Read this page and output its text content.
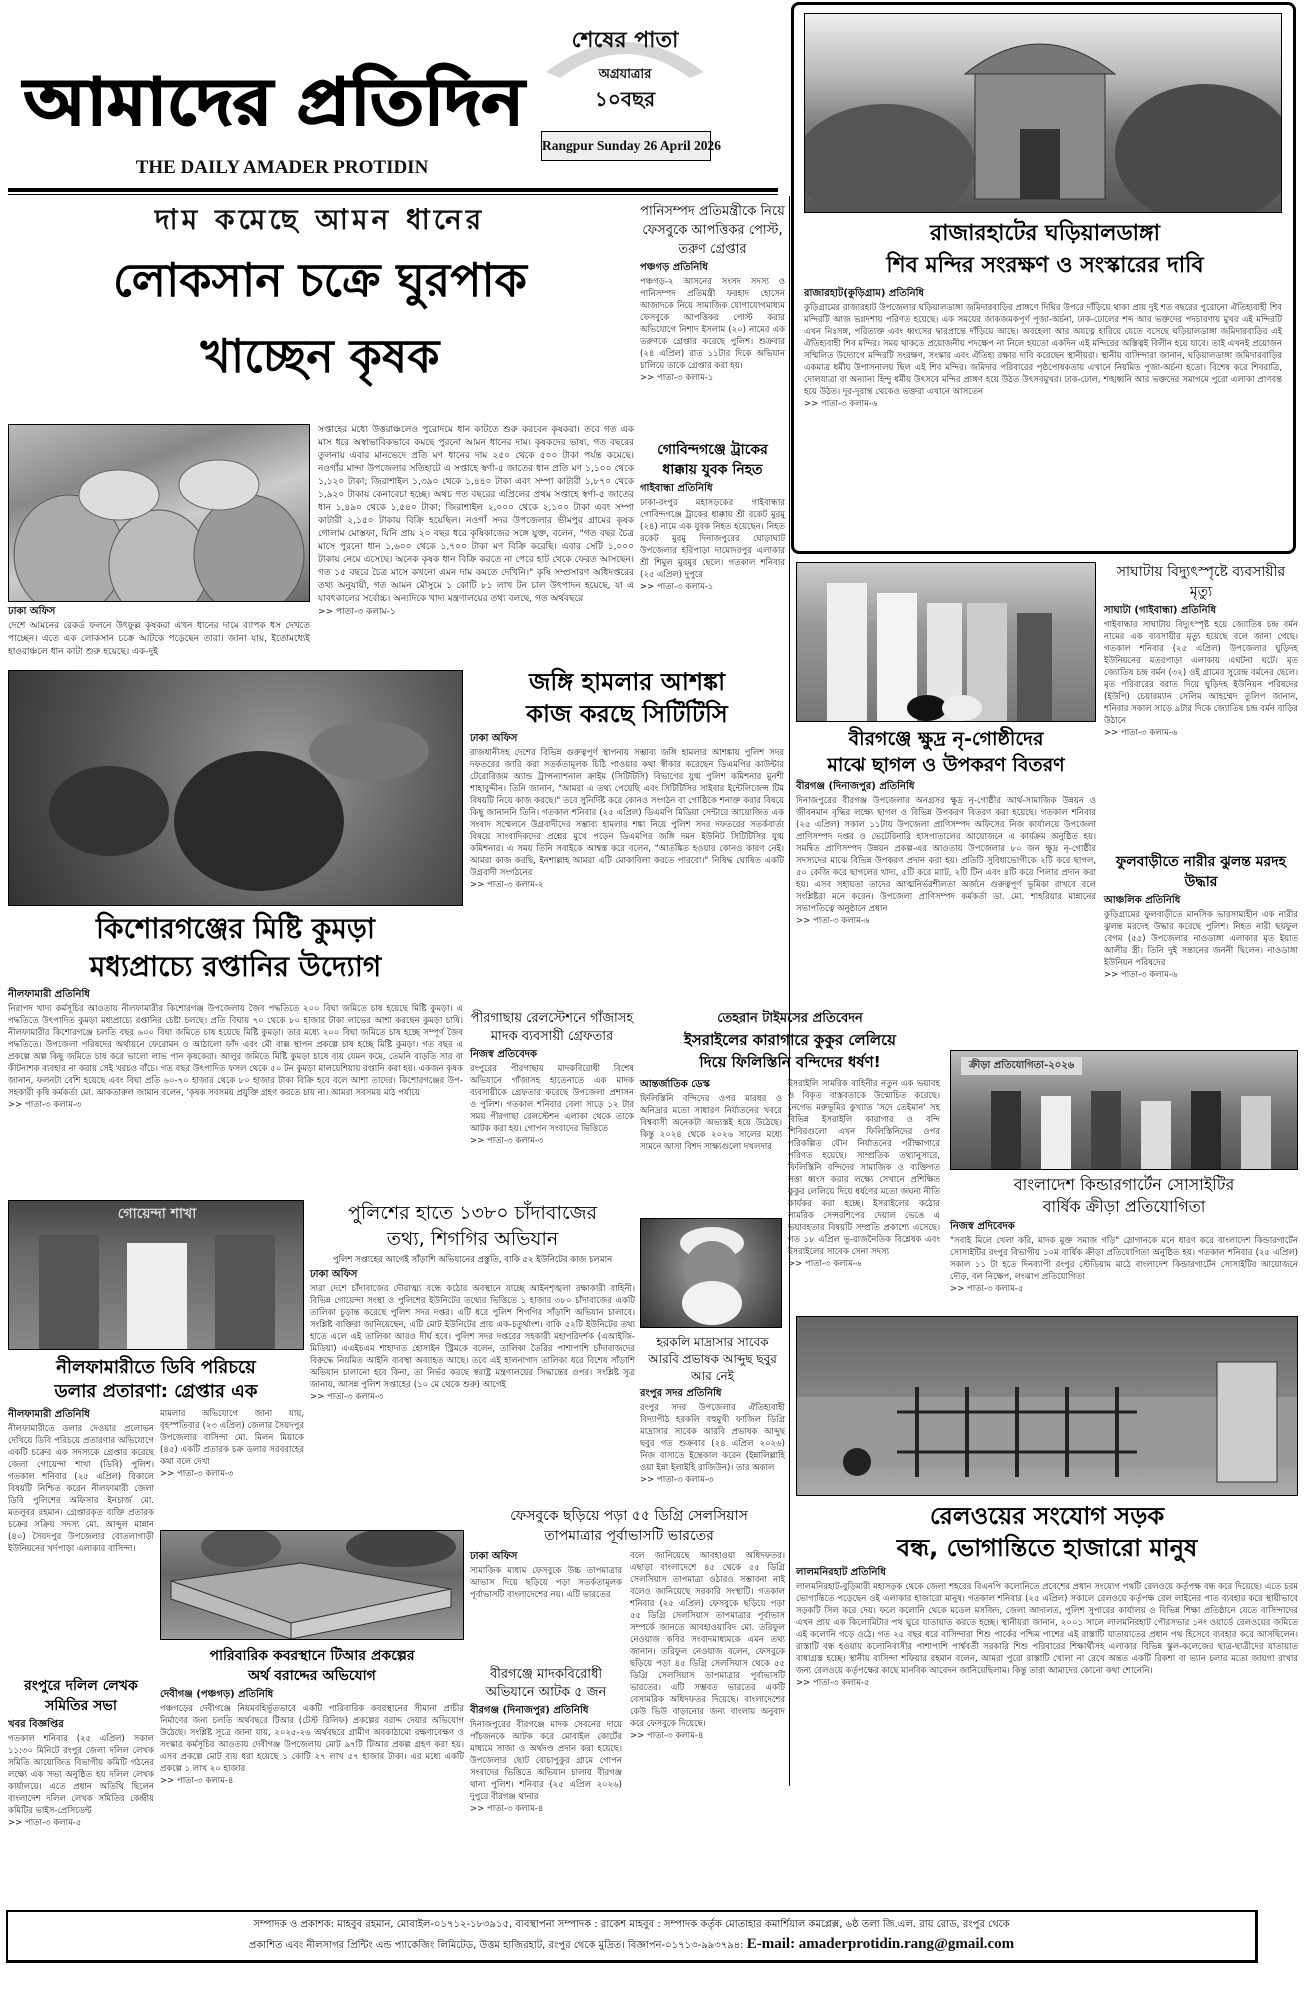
আমাদের প্রতিদিন
THE DAILY AMADER PROTIDIN
শেষের পাতা
অগ্রযাত্রার
১০বছর
Rangpur Sunday 26 April 2026
দাম কমেছে আমন ধানের
লোকসান চক্রে ঘুরপাক
খাচ্ছেন কৃষক
ঢাকা অফিস
দেশে আমনের রেকর্ড ফলনে উৎফুল্ল কৃষকরা এখন ধানের দামে ব্যাপক ধস দেখতে পাচ্ছেন। এতে এক লোকসান চক্রে আটকে পড়েছেন তারা। জানা যায়, ইতোমধ্যেই হাওরাঞ্চলে ধান কাটা শুরু হয়েছে। এক-দুই
সপ্তাহের মধ্যে উত্তরাঞ্চলেও পুরোদমে ধান কাটতে শুরু করবেন কৃষকরা। তবে গত এক মাস ধরে অস্বাভাবিকভাবে কমছে পুরনো আমন ধানের দাম। কৃষকদের ভাষ্য, গত বছরের তুলনায় এবার মানভেদে প্রতি মণ ধানের দাম ২৫০ থেকে ৫০০ টাকা পর্যন্ত কমেছে। নওগাঁর মান্দা উপজেলার সতিহাটে এ সপ্তাহে স্বর্ণা-৫ জাতের ধান প্রতি মণ ১,১০০ থেকে ১,১২০ টাকা; জিরাশাইল ১,৩৯০ থেকে ১,৪৪০ টাকা এবং সম্পা কাটারী ১,৮৭০ থেকে ১,৯২০ টাকায় কেনাবেচা হচ্ছে। অথচ গত বছরের এপ্রিলের প্রথম সপ্তাহে স্বর্ণা-৫ জাতের ধান ১,৪৯০ থেকে ১,৫৪০ টাকা; জিরাশাইল ২,০০০ থেকে ২,১০০ টাকা এবং সম্পা কাটারী ২,১৫০ টাকায় বিক্রি হয়েছিল। নওগাঁ সদর উপজেলার ভীমপুর গ্রামের কৃষক গোলাম মোস্তফা, যিনি প্রায় ২০ বছর ধরে কৃষিকাজের সঙ্গে যুক্ত, বলেন, "গত বছর চৈত্র মাসে পুরনো ধান ১,৬০০ থেকে ১,৭০০ টাকা মণ বিক্রি করেছি। এবার সেটি ১,০০০ টাকায় নেমে এসেছে। অনেক কৃষক ধান বিক্রি করতে না পেরে হাট থেকে ফেরত আসছেন। গত ১৫ বছরে চৈত্র মাসে কখনো এমন দাম কমতে দেখিনি।" কৃষি সম্প্রসারণ অধিদপ্তরের তথ্য অনুযায়ী, গত আমন মৌসুমে ১ কোটি ৮১ লাখ টন চাল উৎপাদন হয়েছে, যা এ যাবৎকালের সর্বোচ্চ। অন্যদিকে খাদ্য মন্ত্রণালয়ের তথ্য বলছে, গত অর্থবছরে
>> পাতা-৩ কলাম-১
পানিসম্পদ প্রতিমন্ত্রীকে নিয়ে ফেসবুকে আপত্তিকর পোস্ট, তরুণ গ্রেপ্তার
পঞ্চগড় প্রতিনিধি
পঞ্চগড়-২ আসনের সংসদ সদস্য ও পানিসম্পদ প্রতিমন্ত্রী ফরহাদ হোসেন আজাদকে নিয়ে সামাজিক যোগাযোগমাধ্যম ফেসবুকে আপত্তিকর পোস্ট করার অভিযোগে নিশাদ ইসলাম (২০) নামের এক তরুণকে গ্রেপ্তার করেছে পুলিশ। শুক্রবার (২৪ এপ্রিল) রাত ১১টার দিকে অভিযান চালিয়ে তাকে গ্রেপ্তার করা হয়।
>> পাতা-৩ কলাম-১
গোবিন্দগঞ্জে ট্রাকের ধাক্কায় যুবক নিহত
গাইবান্ধা প্রতিনিধি
ঢাকা-রংপুর মহাসড়কের গাইবান্ধার গোবিন্দগঞ্জে ট্রাকের ধাক্কায় শ্রী রকেট মুরমু (২৪) নামে এক যুবক নিহত হয়েছেন। নিহত রকেট মুরমু দিনাজপুরের ঘোড়াঘাট উপজেলার হরিপাড়া দামোদরপুর এলাকার শ্রী শিমুল মুরমুর ছেলে। গতকাল শনিবার (২৫ এপ্রিল) দুপুরে
>> পাতা-৩ কলাম-১
রাজারহাটের ঘড়িয়ালডাঙ্গা
শিব মন্দির সংরক্ষণ ও সংস্কারের দাবি
রাজারহাট(কুড়িগ্রাম) প্রতিনিধি
কুড়িগ্রামের রাজারহাট উপজেলার ঘড়িয়ালডাঙ্গা জমিদারবাড়ির প্রাঙ্গণে দিঘির উপরে দাঁড়িয়ে থাকা প্রায় দুই শত বছরের পুরোনো ঐতিহ্যবাহী শিব মন্দিরটি আজ ভগ্নদশায় পরিণত হয়েছে। এক সময়ের জাকজমকপূর্ণ পূজা-অর্চনা, ঢাক-ঢোলের শব্দ আর ভক্তদের পদচারণায় মুখর এই মন্দিরটি এখন নিঃসঙ্গ, পরিত্যক্ত এবং ধ্বংসের দ্বারপ্রান্তে দাঁড়িয়ে আছে। অবহেলা আর অযত্নে হারিয়ে যেতে বসেছে ঘড়িয়ালডাঙ্গা জমিদারবাড়ির এই ঐতিহ্যবাহী শিব মন্দির। সময় থাকতে প্রয়োজনীয় পদক্ষেপ না নিলে হয়তো একদিন এই মন্দিরের অস্তিত্বই বিলীন হয়ে যাবে। তাই এখনই প্রয়োজন সম্মিলিত উদ্যোগে মন্দিরটি সংরক্ষণ, সংস্কার এবং ঐতিহ্য রক্ষার দাবি করেছেন স্থানীয়রা। স্থানীয় বাসিন্দারা জানান, ঘড়িয়ালডাঙ্গা জমিদারবাড়ির একমাত্র ধর্মীয় উপাসনালয় ছিল এই শিব মন্দির। জমিদার পরিবারের পৃষ্ঠপোষকতায় এখানে নিয়মিত পূজা-অর্চনা হতো। বিশেষ করে শিবরাত্রি, দোলযাত্রা বা অন্যান্য হিন্দু ধর্মীয় উৎসবে মন্দির প্রাঙ্গণ হয়ে উঠত উৎসবমুখর। ঢাক-ঢোল, শঙ্খধ্বনি আর ভক্তদের সমাগমে পুরো এলাকা প্রাণবন্ত হয়ে উঠত। দূর-দূরান্ত থেকেও ভক্তরা এখানে আসতেন
>> পাতা-৩ কলাম-৬
জঙ্গি হামলার আশঙ্কা
কাজ করছে সিটিটিসি
ঢাকা অফিস
রাজধানীসহ দেশের বিভিন্ন গুরুত্বপূর্ণ স্থাপনায় সম্ভাব্য জঙ্গি হামলার আশঙ্কায় পুলিশ সদর দফতরের জারি করা সতর্কতামূলক চিঠি পাওয়ার কথা স্বীকার করেছেন ডিএমপির কাউন্টার টেরোরিজম অ্যান্ড ট্রান্সন্যাশনাল ক্রাইম (সিটিটিসি) বিভাগের যুগ্ম পুলিশ কমিশনার মুনশী শাহাবুদ্দীন। তিনি জানান, "আমরা এ তথ্য পেয়েছি এবং সিটিটিসির সাইবার ইন্টেলিজেন্স টিম বিষয়টি নিয়ে কাজ করছে।" তবে সুনির্দিষ্ট করে কোনও সংগঠন বা গোষ্ঠিকে শনাক্ত করার বিষয়ে কিছু জানাননি তিনি। গতকাল শনিবার (২৫ এপ্রিল) ডিএমপি মিডিয়া সেন্টারে আয়োজিত এক সংবাদ সম্মেলনে উগ্রবাদীদের সম্ভাব্য হামলার শঙ্কা নিয়ে পুলিশ সদর দফতরের সতর্কবার্তা বিষয়ে সাংবাদিকদের প্রশ্নের মুখে পড়েন ডিএমপির জঙ্গি দমন ইউনিট সিটিটিসির যুগ্ম কমিশনার। এ সময় তিনি সবাইকে আশ্বস্ত করে বলেন, "আতঙ্কিত হওয়ার কোনও কারণ নেই। আমরা কাজ করছি, ইনশাল্লাহ আমরা এটি মোকাবিলা করতে পারবো।" নিষিদ্ধ ঘোষিত একটি উগ্রবাদী সংগঠনের
>> পাতা-৩ কলাম-২
বীরগঞ্জে ক্ষুদ্র নৃ-গোষ্ঠীদের
মাঝে ছাগল ও উপকরণ বিতরণ
বীরগঞ্জ (দিনাজপুর) প্রতিনিধি
দিনাজপুরের বীরগঞ্জ উপজেলার অনগ্রসর ক্ষুদ্র নৃ-গোষ্ঠীর আর্থ-সামাজিক উন্নয়ন ও জীবনমান বৃদ্ধির লক্ষ্যে ছাগল ও বিভিন্ন উপকরণ বিতরণ করা হয়েছে। গতকাল শনিবার (২৫ এপ্রিল) সকাল ১১টায় উপজেলা প্রাণিসম্পদ অফিসের নিজ কার্যালয়ে উপজেলা প্রাণিসম্পদ দপ্তর ও ভেটেরিনারি হাসপাতালের আয়োজনে এ কার্যক্রম অনুষ্ঠিত হয়। সমন্বিত প্রাণিসম্পদ উন্নয়ন প্রকল্প-এর আওতায় উপজেলার ৮০ জন ক্ষুদ্র নৃ-গোষ্ঠীর সদস্যদের মাঝে বিভিন্ন উপকরণ প্রদান করা হয়। প্রতিটি সুবিধাভোগীকে ২টি করে ছাগল, ৫০ কেজি করে ছাগলের খাদ্য, ৫টি করে ম্যাট, ২টি টিন এবং ৪টি করে পিলার প্রদান করা হয়। এসব সহায়তা তাদের আত্মনির্ভরশীলতা অর্জনে গুরুত্বপূর্ণ ভূমিকা রাখবে বলে সংশ্লিষ্টরা মনে করেন। উপজেলা প্রাণিসম্পদ কর্মকর্তা ডা. মো. শাহরিয়ার মান্নানের সভাপতিত্বে অনুষ্ঠানে প্রধান
>> পাতা-৩ কলাম-৬
সাঘাটায় বিদ্যুৎস্পৃষ্টে ব্যবসায়ীর মৃত্যু
সাঘাটা (গাইবান্ধা) প্রতিনিধি
গাইবান্ধার সাঘাটায় বিদ্যুৎস্পৃষ্ট হয়ে জ্যোতিষ চন্দ্র বর্মন নামের এক ব্যবসায়ীর মৃত্যু হয়েছে বলে জানা গেছে। গতকাল শনিবার (২৫ এপ্রিল) উপজেলার ঘুড়িদহ ইউনিয়নের মতরপাড়া এলাকায় এঘটনা ঘটে। মৃত জ্যোতিষ চন্দ্র বর্মন (৩২) ওই গ্রামের সুরেন্দ্র বর্মনের ছেলে। মৃত পরিবারের বরাত দিয়ে ঘুড়িদহ ইউনিয়ন পরিষদের (ইউপি) চেয়ারম্যান সেলিম আহম্মেদ তুলিপ জানান, শনিবার সকাল সাড়ে ৯টার দিকে জ্যোতিষ চন্দ্র বর্মন বাড়ির উঠানে
>> পাতা-৩ কলাম-৬
ফুলবাড়ীতে নারীর ঝুলন্ত মরদহ উদ্ধার
আঞ্চলিক প্রতিনিধি
কুড়িগ্রামের ফুলবাড়ীতে মানসিক ভারসাম্যহীন এক নারীর ঝুলন্ত মরদেহ উদ্ধার করেছে পুলিশ। নিহত নারী ছয়ফুল বেগম (৫৫) উপজেলার নাওডাঙ্গা এলাকার মৃত ইয়াত আলীর স্ত্রী। তিনি দুই সন্তানের জননী ছিলেন। নাওডাঙ্গা ইউনিয়ন পরিষদের
>> পাতা-৩ কলাম-৬
কিশোরগঞ্জের মিষ্টি কুমড়া
মধ্যপ্রাচ্যে রপ্তানির উদ্যোগ
নীলফামারী প্রতিনিধি
নিরাপদ খাদ্য কর্মসূচির আওতায় নীলফামারীর কিশোরগঞ্জ উপজেলায় জৈব পদ্ধতিতে ২০০ বিঘা জমিতে চাষ হয়েছে মিষ্টি কুমড়া। এ পদ্ধতিতে উৎপাদিত কুমড়া মধ্যপ্রাচ্যে রপ্তানির চেষ্টা চলছে। প্রতি বিঘায় ৭০ থেকে ৮০ হাজার টাকা লাভের আশা করছেন কুমড়া চাষি। নীলফামারীর কিশোরগঞ্জে চলতি বছর ৬০০ বিঘা জমিতে চাষ হয়েছে মিষ্টি কুমড়া। তার মধ্যে ২০০ বিঘা জমিতে চাষ হচ্ছে সম্পূর্ণ জৈব পদ্ধতিতে। উপজেলা পরিষদের অর্থায়নে ফেরোমন ও আঠালো ফাঁদ এবং মৌ বাক্স স্থাপন প্রকল্পে চাষ হচ্ছে মিষ্টি কুমড়া। গত বছর এ প্রকল্পে অল্প কিছু জমিতে চাষ করে ভালো লাভ পান কৃষকেরা। আলুর জমিতে মিষ্টি কুমড়া চাষে ব্যয় যেমন কমে, তেমনি বাড়তি সার বা কীটনাশক ব্যবহার না করায় সেই খরচও বাঁচে। গত বছর উৎপাদিত ফসল থেকে ৫০ টন কুমড়া মালয়েশিয়ায় রপ্তানি করা হয়। একজন কৃষক জানান, ফলনটা বেশি হয়েছে এবং বিঘা প্রতি ৬০-৭০ হাজার থেকে ৮০ হাজার টাকা বিক্রি হবে বলে আশা তাদের। কিশোরগঞ্জের উপ-সহকারী কৃষি কর্মকর্তা মো. আকতারুল জামান বলেন, 'কৃষক সবসময় প্রযুক্তি গ্রহণ করতে চায় না। আমরা সবসময় মাঠ পর্যায়ে
>> পাতা-৩ কলাম-৩
পীরগাছায় রেলস্টেশনে গাঁজাসহ মাদক ব্যবসায়ী গ্রেফতার
নিজস্ব প্রতিবেদক
রংপুরের পীরগাছায় মাদকবিরোধী বিশেষ অভিযানে গাঁজাসহ হাতেনাতে এক মাদক ব্যবসায়ীকে গ্রেফতার করেছে উপজেলা প্রশাসন ও পুলিশ। গতকাল শনিবার বেলা সাড়ে ১২ টার সময় পীরগাছা রেলস্টেশন এলাকা থেকে তাকে আটক করা হয়। গোপন সংবাদের ভিত্তিতে
>> পাতা-৩ কলাম-৩
তেহরান টাইমসের প্রতিবেদন
ইসরাইলের কারাগারে কুকুর লেলিয়ে
দিয়ে ফিলিস্তিনি বন্দিদের ধর্ষণ!
আন্তর্জাতিক ডেস্ক
ফিলিস্তিনি বন্দিদের ওপর মারধর ও অনিদ্রার মতো সাধারণ নির্যাতনের খবরে বিশ্ববাসী অনেকটা অভ্যস্তই হয়ে উঠেছে। কিন্তু ২০২৪ থেকে ২০২৬ সালের মধ্যে সামনে আসা বিশদ সাক্ষ্যগুলো দখলদার
ইসরাইলি সামরিক বাহিনীর নতুন এক ভয়াবহ ও বিকৃত বাস্তবতাকে উন্মোচিত করেছে। নেগেভ মরুভূমির কুখ্যাত 'সদে তেইমান' সহ বিভিন্ন ইসরাইলি কারাগার ও বন্দি শিবিরগুলো এখন ফিলিস্তিনিদের ওপর পরিকল্পিত যৌন নির্যাতনের পরীক্ষাগারে পরিণত হয়েছে। সাম্প্রতিক তথ্যানুসারে, ফিলিস্তিনি বন্দিদের সামাজিক ও ব্যক্তিগত সত্তা ধ্বংস করার লক্ষ্যে সেখানে প্রশিক্ষিত কুকুর লেলিয়ে দিয়ে ধর্ষণের মতো জঘন্য নীতি কার্যকর করা হচ্ছে। ইসরাইলের কঠোর সামরিক সেন্সরশিপের দেয়াল ভেঙে এ ভয়াবহতার বিষয়টি সম্প্রতি প্রকাশ্যে এসেছে। গত ১৮ এপ্রিল ভূ-রাজনৈতিক বিশ্লেষক এবং ইসরাইলের সাবেক সেনা সদস্য
>> পাতা-৩ কলাম-৬
ক্রীড়া প্রতিযোগিতা-২০২৬
বাংলাদেশ কিন্ডারগার্টেন সোসাইটির
বার্ষিক ক্রীড়া প্রতিযোগিতা
নিজস্ব প্রদিবেদক
"সবাই মিলে খেলা করি, মাদক মুক্ত সমাজ গড়ি" স্লোগানকে মনে ধারণ করে বাংলাদেশ কিন্ডারগার্টেন সোসাইটির রংপুর বিভাগীয় ১০ম বার্ষিক ক্রীড়া প্রতিযোগিতা অনুষ্ঠিত হয়। গতকাল শনিবার (২৫ এপ্রিল) সকাল ১১ টা হতে দিনব্যাপী রংপুর স্টেডিয়াম মাঠে বাংলাদেশ কিন্ডারগার্টেন সোসাইটির আয়োজনে দৌড়, বল নিক্ষেপ, লংঝাপ প্রতিযোগিতা
>> পাতা-৩ কলাম-৫
গোয়েন্দা শাখা	পুলিশের হাতে ১৩৮০ চাঁদাবাজের
তথ্য, শিগগির অভিযান
পুলিশ সপ্তাহের আগেই সাঁড়াশি অভিযানের প্রস্তুতি, বাকি ৫২ ইউনিটের কাজ চলমান
ঢাকা অফিস
সারা দেশে চাঁদাবাজের দৌরাত্ম্য বন্ধে কঠোর অবস্থানে যাচ্ছে আইনশৃঙ্খলা রক্ষাকারী বাহিনী। বিভিন্ন গোয়েন্দা সংস্থা ও পুলিশের ইউনিটের তথ্যের ভিত্তিতে ১ হাজার ৩৮০ চাঁদাবাজের একটি তালিকা চূড়ান্ত করেছে পুলিশ সদর দপ্তর। এটি ধরে পুলিশ শিগগির সাঁড়াশি অভিযান চালাবে। সংশ্লিষ্ট ব্যক্তিরা জানিয়েছেন, এটি মোট ইউনিটের প্রায় এক-চতুর্থাংশ। বাকি ৫২টি ইউনিটের তথ্য হাতে এলে এই তালিকা আরও দীর্ঘ হবে। পুলিশ সদর দপ্তরের সহকারী মহাপরিদর্শক (এআইজি-মিডিয়া) এএইচএম শাহাদাত হোসাইন স্ট্রিমকে বলেন, তালিকা তৈরির পাশাপাশি চাঁদাবাজদের বিরুদ্ধে নিয়মিত আইনি ব্যবস্থা অব্যাহত আছে। তবে এই হালনাগাদ তালিকা ধরে বিশেষ সাঁড়াশি অভিযান চালানো হবে কিনা, তা নির্ভর করছে স্বরাষ্ট্র মন্ত্রণালয়ের সিদ্ধান্তের ওপর। সংশ্লিষ্ট সূত্র জানায়, আসন্ন পুলিশ সপ্তাহের (১০ মে থেকে শুরু) আগেই
>> পাতা-৩ কলাম-৩
হরকলি মাদ্রাসার সাবেক আরবি প্রভাষক আব্দুছ ছবুর আর নেই
রংপুর সদর প্রতিনিধি
রংপুর সদর উপজেলার ঐতিহ্যবাহী বিদ্যাপীঠ হরকলি বহুমুখী ফাজিল ডিগ্রি মাদ্রাসার সাবেক আরবি প্রভাষক আব্দুছ ছবুর গত শুক্রবার (২৪ এপ্রিল ২০২৬) নিজ বাসাতে ইন্তেকাল করেন (ইন্নালিল্লাহি ওয়া ইন্না ইলাইহি রাজিউন)। তার অকাল
>> পাতা-৩ কলাম-৩
নীলফামারীতে ডিবি পরিচয়ে
ডলার প্রতারণা: গ্রেপ্তার এক
নীলফামারী প্রতিনিধি
নীলফামারীতে ডলার দেওয়ার প্রলোভন দেখিয়ে ডিবি পরিচয়ে প্রতারণার অভিযোগে একটি চক্রের এক সদস্যকে গ্রেপ্তার করেছে জেলা গোয়েন্দা শাখা (ডিবি) পুলিশ। গতকাল শনিবার (২৫ এপ্রিল) বিকালে বিষয়টি নিশ্চিত করেন নীলফামারী জেলা ডিবি পুলিশের অফিসার ইনচার্জ মো. মতলুবর রহমান। গ্রেপ্তারকৃত ব্যক্তি প্রতারক চক্রের সক্রিয় সদস্য মো. আব্দুল মান্নান (৪০) সৈয়দপুর উপজেলার বোতলাগাড়ী ইউনিয়নের খর্দপাড়া এলাকার বাসিন্দা।
মামলার অভিযোগে জানা যায়, বৃহস্পতিবার (২৩ এপ্রিল) জেলার সৈয়দপুর উপজেলার বাসিন্দা মো. মিলন মিয়াকে (৪৫) একটি প্রতারক চক্র ডলার সরবরাহের কথা বলে দেখা
>> পাতা-৩ কলাম-৩
ফেসবুকে ছড়িয়ে পড়া ৫৫ ডিগ্রি সেলসিয়াস
তাপমাত্রার পূর্বাভাসটি ভারতের
ঢাকা অফিস
সামাজিক মাধ্যম ফেসবুকে উচ্চ তাপমাত্রার আভাস দিয়ে ছড়িয়ে পড়া সতর্কতামূলক পূর্বাভাসটি বাংলাদেশের নয়। এটি ভারতের
বলে জানিয়েছে আবহাওয়া অধিদফতর। এছাড়া বাংলাদেশে ৪৫ থেকে ৫৫ ডিগ্রি সেলসিয়াস তাপমাত্রা ওঠারও সম্ভাবনা নাই বলেও জানিয়েছে সরকারি সংস্থাটি। গতকাল শনিবার (২৫ এপ্রিল) ফেসবুকে ছড়িয়ে পড়া ৫৫ ডিগ্রি সেলসিয়াস তাপমাত্রার পূর্বাভাস সম্পর্কে জানতে আবহাওয়াবিদ মো. তরিফুল নেওয়াজ কবির সংবাদমাধ্যমকে এমন তথ্য জানান। তরিফুল নেওয়াজ বলেন, ফেসবুকে ছড়িয়ে পড়া ৪৫ ডিগ্রি সেলসিয়াস থেকে ৫৫ ডিগ্রি সেলসিয়াস তাপমাত্রার পূর্বাভাসটি ভারতের। এটি সম্ভবত ভারতের একটি বেসামরিক অধিদফতর দিয়েছে। বাংলাদেশের কেউ ভিউ বাড়ানোর জন্য বাংলায় অনুবাদ করে ফেসবুকে দিয়েছে।
>> পাতা-৩ কলাম-৪
বীরগঞ্জে মাদকবিরোধী অভিযানে আটক ৫ জন
বীরগঞ্জ (দিনাজপুর) প্রতিনিধি
দিনাজপুরের বীরগঞ্জে মাদক সেবনের দায়ে পাঁচজনকে আটক করে মোবাইল কোর্টের মাধ্যমে সাজা ও অর্থদণ্ড প্রদান করা হয়েছে। উপজেলার ছোট বোচাপুকুর গ্রামে গোপন সংবাদের ভিত্তিতে অভিযান চালায় বীরগঞ্জ থানা পুলিশ। শনিবার (২৫ এপ্রিল ২০২৬) দুপুরে বীরগঞ্জ থানার
>> পাতা-৩ কলাম-৪
রংপুরে দলিল লেখক সমিতির সভা
খবর বিজ্ঞপ্তির
গতকাল শনিবার (২৫ এপ্রিল) সকাল ১১:৩০ মিনিটে রংপুর জেলা দলিল লেখক সমিতি আয়োজিত বিভাগীয় কমিটি গঠনের লক্ষ্যে এক সভা অনুষ্ঠিত হয় দলিল লেখক কার্যালয়ে। এতে প্রধান অতিথি ছিলেন বাংলাদেশ দলিল লেখক সমিতির কেন্দ্রীয় কমিটির ভাইস-প্রেসিডেন্ট
>> পাতা-৩ কলাম-৫
পারিবারিক কবরস্থানে টিআর প্রকল্পের
অর্থ বরাদ্দের অভিযোগ
দেবীগঞ্জ (পঞ্চগড়) প্রতিনিধি
পঞ্চগড়ের দেবীগঞ্জে নিয়মবহির্ভূতভাবে একটি পারিবারিক কবরস্থানের সীমানা প্রাচীর নির্মাণের জন্য চলতি অর্থবছরে টিআর (টেস্ট রিলিফ) প্রকল্পের বরাদ্দ দেয়ার অভিযোগ উঠেছে। সংশ্লিষ্ট সূত্রে জানা যায়, ২০২৫-২৬ অর্থবছরে গ্রামীণ অবকাঠামো রক্ষণাবেক্ষণ ও সংস্কার কর্মসূচির আওতায় দেবীগঞ্জ উপজেলায় মোট ৯৭টি টিআর প্রকল্প গ্রহণ করা হয়। এসব প্রকল্পে মোট ব্যয় ধরা হয়েছে ১ কোটি ২৭ লাখ ৫৭ হাজার টাকা। এর মধ্যে একটি প্রকল্পে ১ লাখ ২০ হাজার
>> পাতা-৩ কলাম-৪
রেলওয়ের সংযোগ সড়ক
বন্ধ, ভোগান্তিতে হাজারো মানুষ
লালমনিরহাট প্রতিনিধি
লালমনিরহাট-বুড়িমারী মহাসড়ক থেকে জেলা শহরের বিএনপি কলোনিতে প্রবেশের প্রধান সংযোগ পথটি রেলওয়ে কর্তৃপক্ষ বন্ধ করে দিয়েছে। এতে চরম ভোগান্তিতে পড়েছেন ওই এলাকার হাজারো মানুষ। গতকাল শনিবার (২৫ এপ্রিল) সকালে রেলওয়ে কর্তৃপক্ষ রেল লাইনের পাত ব্যবহার করে স্থায়ীভাবে সড়কটি সিল করে দেয়। ফলে কলোনি থেকে মডেল মসজিদ, জেলা আদালত, পুলিশ সুপারের কার্যালয় ও বিভিন্ন শিক্ষা প্রতিষ্ঠানে যেতে বাসিন্দাদের এখন প্রায় এক কিলোমিটার পথ ঘুরে যাতায়াত করতে হচ্ছে। স্থানীয়রা জানান, ২০০১ সালে লালমনিরহাট পৌরসভার ১নং ওয়ার্ডে রেলওয়ের জমিতে এই কলোনি গড়ে ওঠে। গত ২৫ বছর ধরে বাসিন্দারা শিশু পার্কের পশ্চিম পাশের এই রাস্তাটি যাতায়াতের প্রধান পথ হিসেবে ব্যবহার করে আসছিলেন। রাস্তাটি বন্ধ হওয়ায় কলোনিবাসীর পাশাপাশি পার্শ্ববর্তী সরকারি শিশু পরিবারের শিক্ষার্থীসহ এলাকার বিভিন্ন স্কুল-কলেজের ছাত্র-ছাত্রীদের যাতায়াত বাধাগ্রস্ত হচ্ছে। স্থানীয় বাসিন্দা শফিয়ার রহমান বলেন, আমরা পুরো রাস্তাটি খোলা না রেখে অন্তত একটি রিকশা বা ভ্যান চলার মতো জায়গা রাখার জন্য রেলওয়ে কর্তৃপক্ষের কাছে মানবিক আবেদন জানিয়েছিলাম। কিন্তু তারা আমাদের কোনো কথা শোনেনি।
>> পাতা-৩ কলাম-৫
সম্পাদক ও প্রকাশক: মাহবুব রহমান, মোবাইল-০১৭১২-১৮৩৯১৫, ব্যবস্থাপনা সম্পাদক : রাকেশ মাহবুব : সম্পাদক কর্তৃক মোতাহার কমার্শিয়াল কমপ্লেক্স, ৬ষ্ঠ তলা জি.এল. রায় রোড, রংপুর থেকে
প্রকাশিত এবং নীলসাগর প্রিন্টিং এন্ড প্যাকেজিং লিমিটেড, উত্তম হাজিরহাট, রংপুর থেকে মুদ্রিত। বিজ্ঞাপন-০১৭১৩-৯৯৩৭৯৪: E-mail: amaderprotidin.rang@gmail.com
